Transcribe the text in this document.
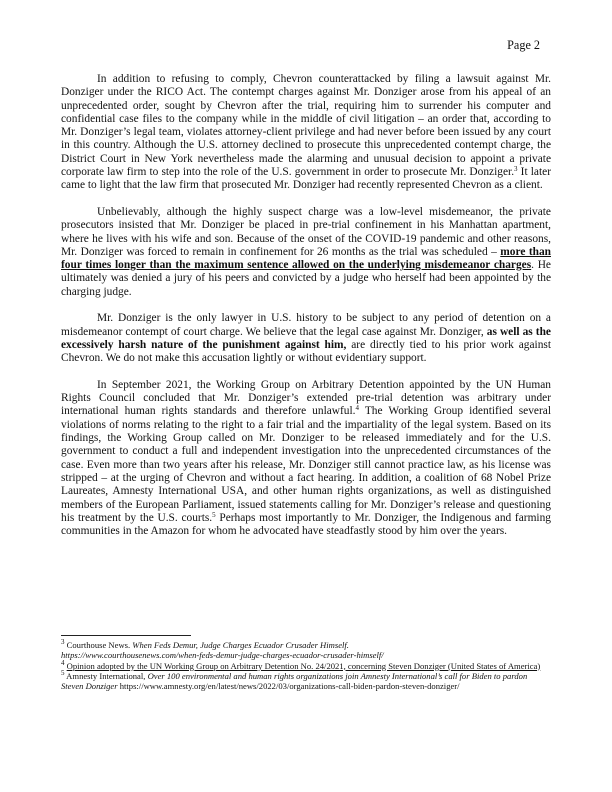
Page 2

In addition to refusing to comply, Chevron counterattacked by filing a lawsuit against Mr. Donziger under the RICO Act. The contempt charges against Mr. Donziger arose from his appeal of an unprecedented order, sought by Chevron after the trial, requiring him to surrender his computer and confidential case files to the company while in the middle of civil litigation – an order that, according to Mr. Donziger’s legal team, violates attorney-client privilege and had never before been issued by any court in this country. Although the U.S. attorney declined to prosecute this unprecedented contempt charge, the District Court in New York nevertheless made the alarming and unusual decision to appoint a private corporate law firm to step into the role of the U.S. government in order to prosecute Mr. Donziger.$^3$ It later came to light that the law firm that prosecuted Mr. Donziger had recently represented Chevron as a client.

Unbelievably, although the highly suspect charge was a low-level misdemeanor, the private prosecutors insisted that Mr. Donziger be placed in pre-trial confinement in his Manhattan apartment, where he lives with his wife and son. Because of the onset of the COVID-19 pandemic and other reasons, Mr. Donziger was forced to remain in confinement for 26 months as the trial was scheduled – more than four times longer than the maximum sentence allowed on the underlying misdemeanor charges. He ultimately was denied a jury of his peers and convicted by a judge who herself had been appointed by the charging judge.

Mr. Donziger is the only lawyer in U.S. history to be subject to any period of detention on a misdemeanor contempt of court charge. We believe that the legal case against Mr. Donziger, as well as the excessively harsh nature of the punishment against him, are directly tied to his prior work against Chevron. We do not make this accusation lightly or without evidentiary support.

In September 2021, the Working Group on Arbitrary Detention appointed by the UN Human Rights Council concluded that Mr. Donziger’s extended pre-trial detention was arbitrary under international human rights standards and therefore unlawful.$^4$ The Working Group identified several violations of norms relating to the right to a fair trial and the impartiality of the legal system. Based on its findings, the Working Group called on Mr. Donziger to be released immediately and for the U.S. government to conduct a full and independent investigation into the unprecedented circumstances of the case. Even more than two years after his release, Mr. Donziger still cannot practice law, as his license was stripped – at the urging of Chevron and without a fact hearing. In addition, a coalition of 68 Nobel Prize Laureates, Amnesty International USA, and other human rights organizations, as well as distinguished members of the European Parliament, issued statements calling for Mr. Donziger’s release and questioning his treatment by the U.S. courts.$^5$ Perhaps most importantly to Mr. Donziger, the Indigenous and farming communities in the Amazon for whom he advocated have steadfastly stood by him over the years.

$^3$ Courthouse News. When Feds Demur, Judge Charges Ecuador Crusader Himself.
https://www.courthousenews.com/when-feds-demur-judge-charges-ecuador-crusader-himself/

$^4$ Opinion adopted by the UN Working Group on Arbitrary Detention No. 24/2021, concerning Steven Donziger (United States of America)

$^5$ Amnesty International, Over 100 environmental and human rights organizations join Amnesty International’s call for Biden to pardon Steven Donziger https://www.amnesty.org/en/latest/news/2022/03/organizations-call-biden-pardon-steven-donziger/
